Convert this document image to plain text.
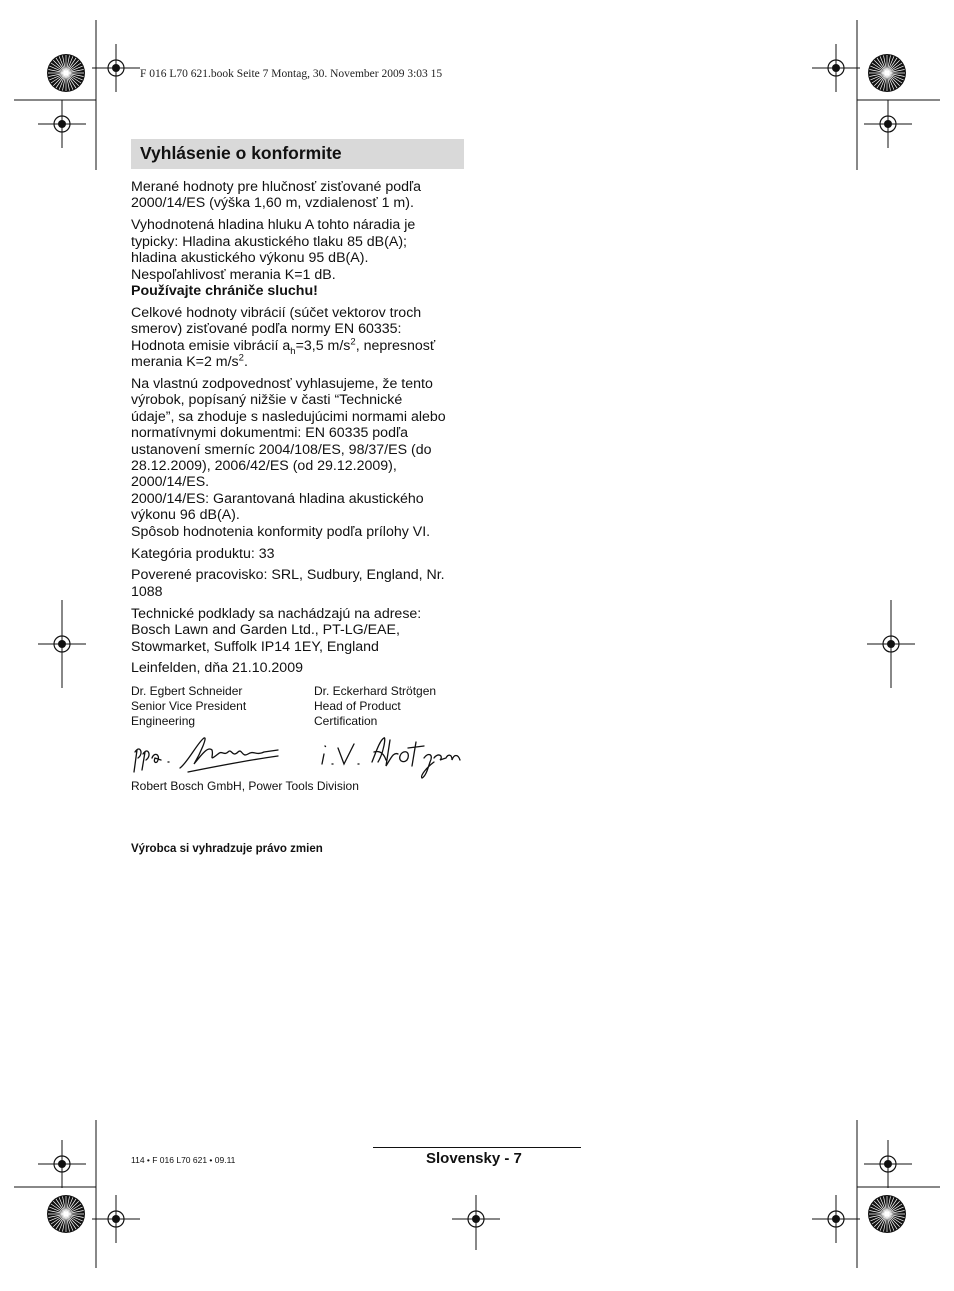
F 016 L70 621.book Seite 7 Montag, 30. November 2009 3:03 15
Vyhlásenie o konformite

Merané hodnoty pre hlučnosť zisťované podľa
2000/14/ES (výška 1,60 m, vzdialenosť 1 m).

Vyhodnotená hladina hluku A tohto náradia je
typicky: Hladina akustického tlaku 85 dB(A);
hladina akustického výkonu 95 dB(A).
Nespoľahlivosť merania K=1 dB.
Používajte chrániče sluchu!

Celkové hodnoty vibrácií (súčet vektorov troch
smerov) zisťované podľa normy EN 60335:
Hodnota emisie vibrácií $a_h=3,5$ $m/s^2$, nepresnosť
merania K=2 $m/s^2$.

Na vlastnú zodpovednosť vyhlasujeme, že tento
výrobok, popísaný nižšie v časti “Technické
údaje”, sa zhoduje s nasledujúcimi normami alebo
normatívnymi dokumentmi: EN 60335 podľa
ustanovení smerníc 2004/108/ES, 98/37/ES (do
28.12.2009), 2006/42/ES (od 29.12.2009),
2000/14/ES.
2000/14/ES: Garantovaná hladina akustického
výkonu 96 dB(A).
Spôsob hodnotenia konformity podľa prílohy VI.

Kategória produktu: 33

Poverené pracovisko: SRL, Sudbury, England, Nr.
1088

Technické podklady sa nachádzajú na adrese:
Bosch Lawn and Garden Ltd., PT-LG/EAE,
Stowmarket, Suffolk IP14 1EY, England

Leinfelden, dňa 21.10.2009

Dr. Egbert Schneider
Senior Vice President
Engineering
Dr. Eckerhard Strötgen
Head of Product
Certification
Robert Bosch GmbH, Power Tools Division
Výrobca si vyhradzuje právo zmien
114 • F 016 L70 621 • 09.11	Slovensky - 7
